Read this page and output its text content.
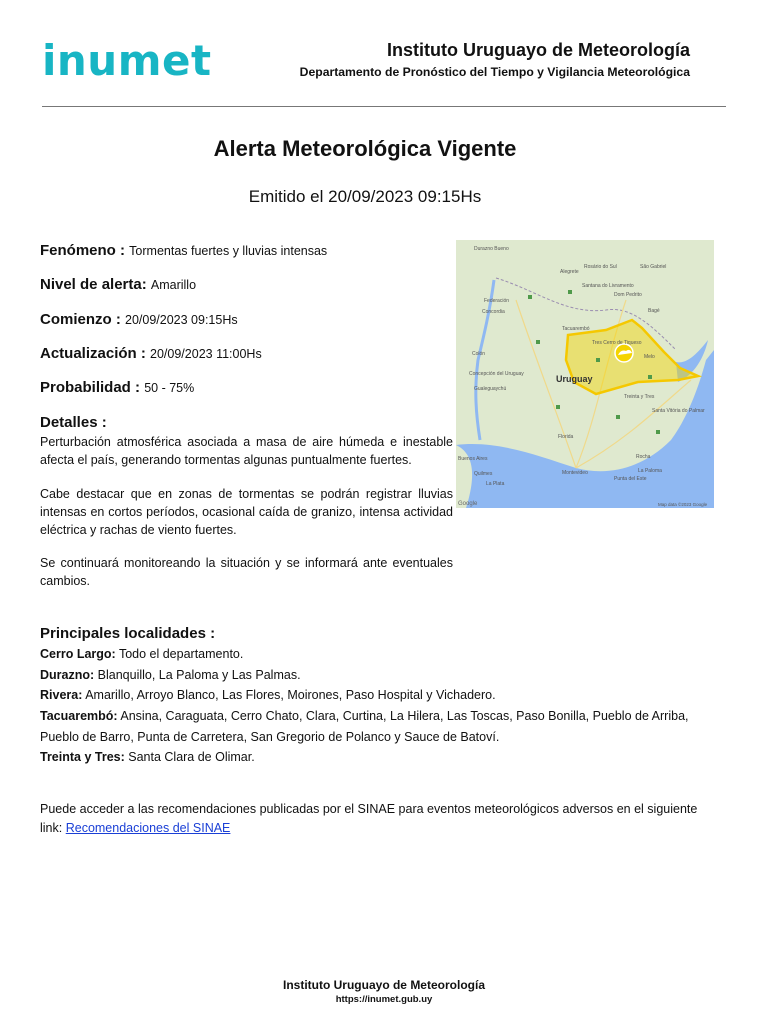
inumet	Instituto Uruguayo de Meteorología
Departamento de Pronóstico del Tiempo y Vigilancia Meteorológica
Alerta Meteorológica Vigente
Emitido el 20/09/2023 09:15Hs
Fenómeno : Tormentas fuertes y lluvias intensas
Nivel de alerta: Amarillo
Comienzo : 20/09/2023 09:15Hs
Actualización : 20/09/2023 11:00Hs
Probabilidad : 50 - 75%
Detalles :
Perturbación atmosférica asociada a masa de aire húmeda e inestable afecta el país, generando tormentas algunas puntualmente fuertes.
Cabe destacar que en zonas de tormentas se podrán registrar lluvias intensas en cortos períodos, ocasional caída de granizo, intensa actividad eléctrica y rachas de viento fuertes.
Se continuará monitoreando la situación y se informará ante eventuales cambios.
Durazno Bueno
Rosário do Sul	São Gabriel
Alegrete
Santana do Livramento
Dom Pedrito
Bagé
Federación
Concordia
Tacuarembó
Melo
Colón
Concepción del Uruguay
Gualeguaychú
Tres Cerro de Tiqueso
Treinta y Tres
Santa Vitória do Palmar
Florida
Rocha
Buenos Aires
Quilmes
La Plata
Montevideo	La Paloma
Punta del Este
Uruguay
Google	Map data ©2023 Google
Principales localidades :
Cerro Largo: Todo el departamento.
Durazno: Blanquillo, La Paloma y Las Palmas.
Rivera: Amarillo, Arroyo Blanco, Las Flores, Moirones, Paso Hospital y Vichadero.
Tacuarembó: Ansina, Caraguata, Cerro Chato, Clara, Curtina, La Hilera, Las Toscas, Paso Bonilla, Pueblo de Arriba, Pueblo de Barro, Punta de Carretera, San Gregorio de Polanco y Sauce de Batoví.
Treinta y Tres: Santa Clara de Olimar.
Puede acceder a las recomendaciones publicadas por el SINAE para eventos meteorológicos adversos en el siguiente link: Recomendaciones del SINAE
Instituto Uruguayo de Meteorología
https://inumet.gub.uy
